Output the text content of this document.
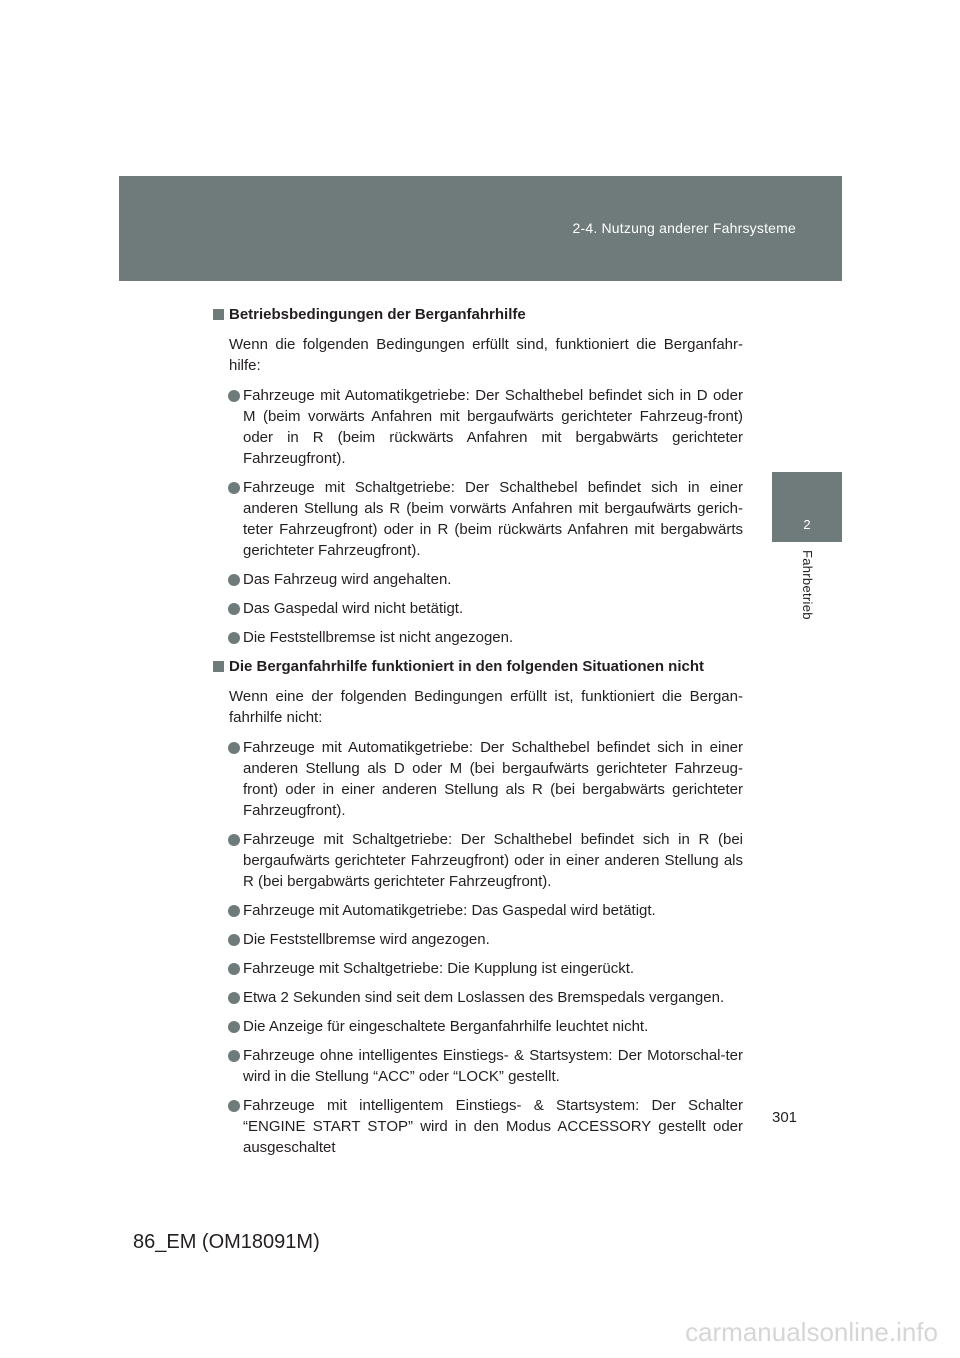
2-4. Nutzung anderer Fahrsysteme
2
Fahrbetrieb
Betriebsbedingungen der Berganfahrhilfe
Wenn die folgenden Bedingungen erfüllt sind, funktioniert die Berganfahr-hilfe:
Fahrzeuge mit Automatikgetriebe: Der Schalthebel befindet sich in D oder M (beim vorwärts Anfahren mit bergaufwärts gerichteter Fahrzeug-front) oder in R (beim rückwärts Anfahren mit bergabwärts gerichteter Fahrzeugfront).
Fahrzeuge mit Schaltgetriebe: Der Schalthebel befindet sich in einer anderen Stellung als R (beim vorwärts Anfahren mit bergaufwärts gerich-teter Fahrzeugfront) oder in R (beim rückwärts Anfahren mit bergabwärts gerichteter Fahrzeugfront).
Das Fahrzeug wird angehalten.
Das Gaspedal wird nicht betätigt.
Die Feststellbremse ist nicht angezogen.
Die Berganfahrhilfe funktioniert in den folgenden Situationen nicht
Wenn eine der folgenden Bedingungen erfüllt ist, funktioniert die Bergan-fahrhilfe nicht:
Fahrzeuge mit Automatikgetriebe: Der Schalthebel befindet sich in einer anderen Stellung als D oder M (bei bergaufwärts gerichteter Fahrzeug-front) oder in einer anderen Stellung als R (bei bergabwärts gerichteter Fahrzeugfront).
Fahrzeuge mit Schaltgetriebe: Der Schalthebel befindet sich in R (bei bergaufwärts gerichteter Fahrzeugfront) oder in einer anderen Stellung als R (bei bergabwärts gerichteter Fahrzeugfront).
Fahrzeuge mit Automatikgetriebe: Das Gaspedal wird betätigt.
Die Feststellbremse wird angezogen.
Fahrzeuge mit Schaltgetriebe: Die Kupplung ist eingerückt.
Etwa 2 Sekunden sind seit dem Loslassen des Bremspedals vergangen.
Die Anzeige für eingeschaltete Berganfahrhilfe leuchtet nicht.
Fahrzeuge ohne intelligentes Einstiegs- & Startsystem: Der Motorschal-ter wird in die Stellung “ACC” oder “LOCK” gestellt.
Fahrzeuge mit intelligentem Einstiegs- & Startsystem: Der Schalter “ENGINE START STOP” wird in den Modus ACCESSORY gestellt oder ausgeschaltet
301
86_EM (OM18091M)
carmanualsonline.info
